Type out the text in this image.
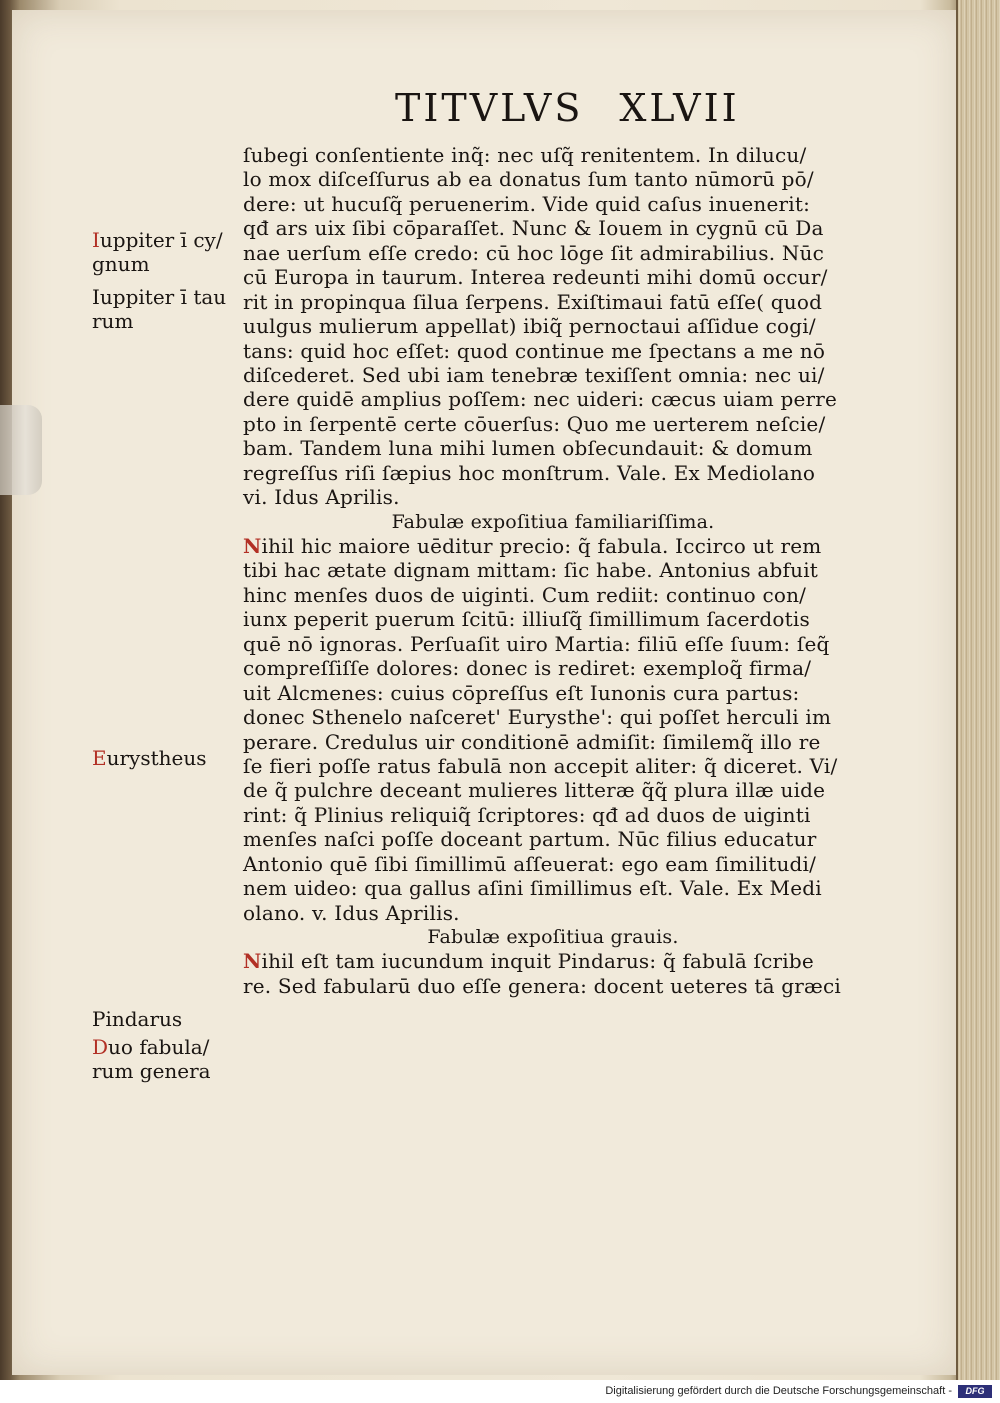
TITVLVS XLVII
Iuppiter ī cy/
gnum
Iuppiter ī tau
rum
Eurystheus
Pindarus
Duo fabula/
rum genera
ſubegi conſentiente inq̃: nec uſq̃ renitentem. In dilucu/
lo mox diſceſſurus ab ea donatus ſum tanto nūmorū pō/
dere: ut hucuſq̃ peruenerim. Vide quid caſus inuenerit:
qđ ars uix ſibi cōparaſſet. Nunc & Iouem in cygnū cū Da
nae uerſum eſſe credo: cū hoc lōge ſit admirabilius. Nūc
cū Europa in taurum. Interea redeunti mihi domū occur/
rit in propinqua ſilua ſerpens. Exiſtimaui fatū eſſe( quod
uulgus mulierum appellat) ibiq̃ pernoctaui aſſidue cogi/
tans: quid hoc eſſet: quod continue me ſpectans a me nō
diſcederet. Sed ubi iam tenebræ texiſſent omnia: nec ui/
dere quidē amplius poſſem: nec uideri: cæcus uiam perre
pto in ſerpentē certe cōuerſus: Quo me uerterem neſcie/
bam. Tandem luna mihi lumen obſecundauit: & domum
regreſſus riſi ſæpius hoc monſtrum. Vale. Ex Mediolano
vi. Idus Aprilis.
Fabulæ expoſitiua familiariſſima.
Nihil hic maiore uēditur precio: q̃ fabula. Iccirco ut rem
tibi hac ætate dignam mittam: ſic habe. Antonius abfuit
hinc menſes duos de uiginti. Cum rediit: continuo con/
iunx peperit puerum ſcitū: illiuſq̃ ſimillimum ſacerdotis
quē nō ignoras. Perſuaſit uiro Martia: filiū eſſe ſuum: ſeq̃
compreſſiſſe dolores: donec is rediret: exemploq̃ firma/
uit Alcmenes: cuius cōpreſſus eſt Iunonis cura partus:
donec Sthenelo naſceret' Eurysthe': qui poſſet herculi im
perare. Credulus uir conditionē admiſit: ſimilemq̃ illo re
ſe fieri poſſe ratus fabulā non accepit aliter: q̃ diceret. Vi/
de q̃ pulchre deceant mulieres litteræ q̃q̃ plura illæ uide
rint: q̃ Plinius reliquiq̃ ſcriptores: qđ ad duos de uiginti
menſes naſci poſſe doceant partum. Nūc filius educatur
Antonio quē ſibi ſimillimū aſſeuerat: ego eam ſimilitudi/
nem uideo: qua gallus aſini ſimillimus eſt. Vale. Ex Medi
olano. v. Idus Aprilis.
Fabulæ expoſitiua grauis.
Nihil eſt tam iucundum inquit Pindarus: q̃ fabulā ſcribe
re. Sed fabularū duo eſſe genera: docent ueteres tā græci
Digitalisierung gefördert durch die Deutsche Forschungsgemeinschaft -	DFG
